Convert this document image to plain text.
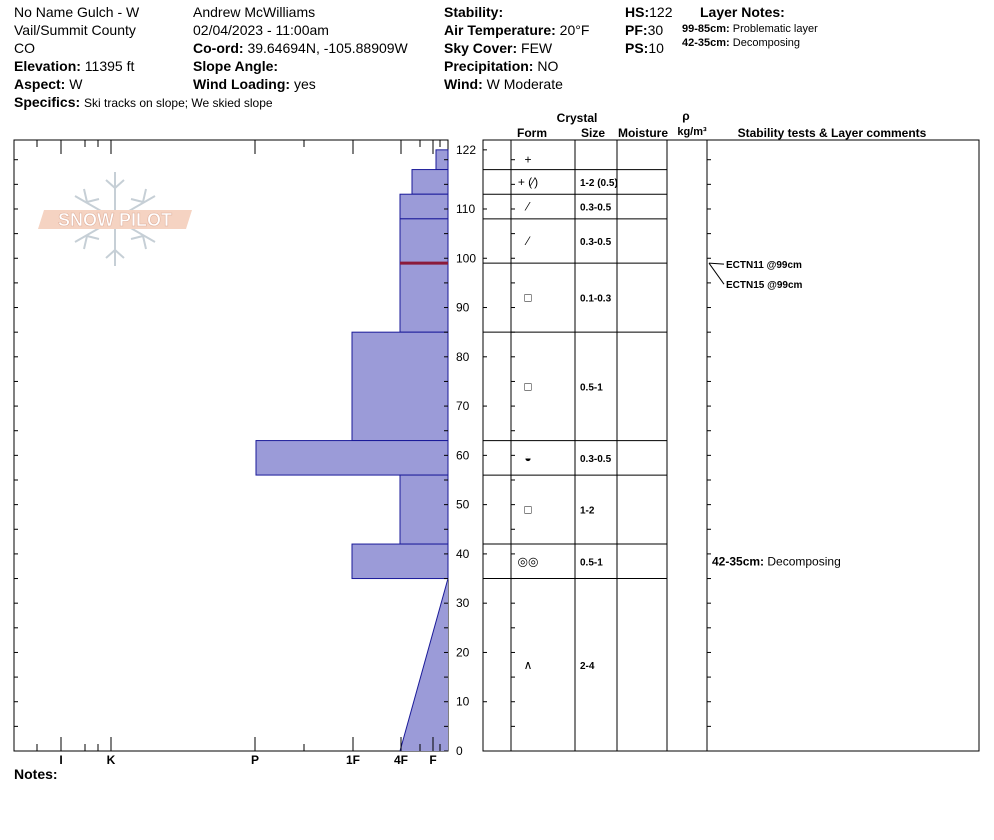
No Name Gulch - W
Vail/Summit County
CO
Elevation: 11395 ft
Aspect: W
Specifics: Ski tracks on slope; We skied slope
Andrew McWilliams
02/04/2023 - 11:00am
Co-ord: 39.64694N, -105.88909W
Slope Angle:
Wind Loading: yes
Stability:
Air Temperature: 20°F
Sky Cover: FEW
Precipitation: NO
Wind: W Moderate
HS:122
PF:30
PS:10
Layer Notes:
99-85cm: Problematic layer
42-35cm: Decomposing
Notes:
SNOW PILOT
0
10
20
30
40
50
60
70
80
90
100
110
122
I	K	P	1F	4F F
+
+ (⁄)	1-2 (0.5)
⁄	0.3-0.5
⁄	0.3-0.5
□	0.1-0.3
□	0.5-1
◒	0.3-0.5
□	1-2
◎◎	0.5-1
∧	2-4
ECTN11 @99cm
ECTN15 @99cm
42-35cm: Decomposing
Crystal
Form	Size Moisture
ρ
kg/m³	Stability tests & Layer comments
